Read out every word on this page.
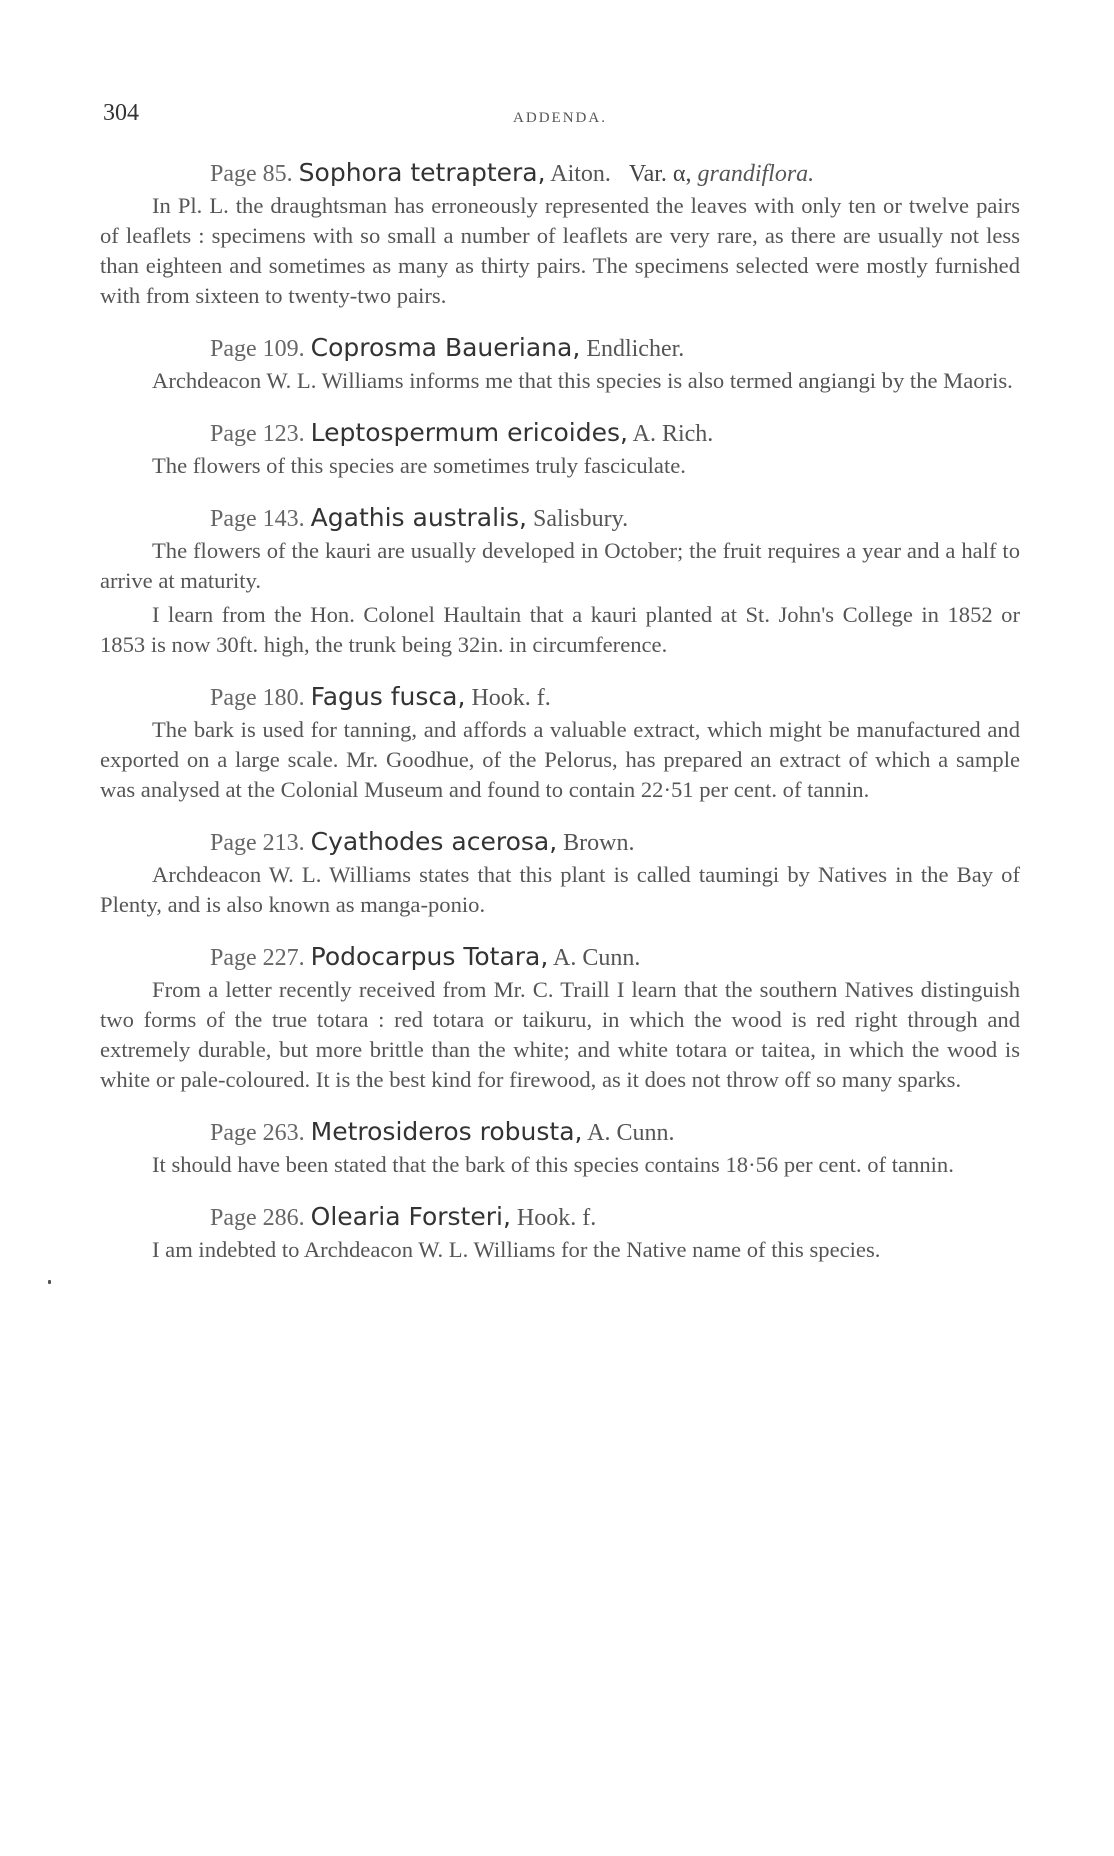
304	ADDENDA.
Page 85. Sophora tetraptera, Aiton. Var. α, grandiflora.

In Pl. L. the draughtsman has erroneously represented the leaves with only ten or twelve pairs of leaflets : specimens with so small a number of leaflets are very rare, as there are usually not less than eighteen and sometimes as many as thirty pairs. The specimens selected were mostly furnished with from sixteen to twenty-two pairs.

Page 109. Coprosma Baueriana, Endlicher.

Archdeacon W. L. Williams informs me that this species is also termed angiangi by the Maoris.

Page 123. Leptospermum ericoides, A. Rich.

The flowers of this species are sometimes truly fasciculate.

Page 143. Agathis australis, Salisbury.

The flowers of the kauri are usually developed in October; the fruit requires a year and a half to arrive at maturity.

I learn from the Hon. Colonel Haultain that a kauri planted at St. John's College in 1852 or 1853 is now 30ft. high, the trunk being 32in. in circumference.

Page 180. Fagus fusca, Hook. f.

The bark is used for tanning, and affords a valuable extract, which might be manufactured and exported on a large scale. Mr. Goodhue, of the Pelorus, has prepared an extract of which a sample was analysed at the Colonial Museum and found to contain 22·51 per cent. of tannin.

Page 213. Cyathodes acerosa, Brown.

Archdeacon W. L. Williams states that this plant is called taumingi by Natives in the Bay of Plenty, and is also known as manga-ponio.

Page 227. Podocarpus Totara, A. Cunn.

From a letter recently received from Mr. C. Traill I learn that the southern Natives distinguish two forms of the true totara : red totara or taikuru, in which the wood is red right through and extremely durable, but more brittle than the white; and white totara or taitea, in which the wood is white or pale-coloured. It is the best kind for firewood, as it does not throw off so many sparks.

Page 263. Metrosideros robusta, A. Cunn.

It should have been stated that the bark of this species contains 18·56 per cent. of tannin.

Page 286. Olearia Forsteri, Hook. f.

I am indebted to Archdeacon W. L. Williams for the Native name of this species.
